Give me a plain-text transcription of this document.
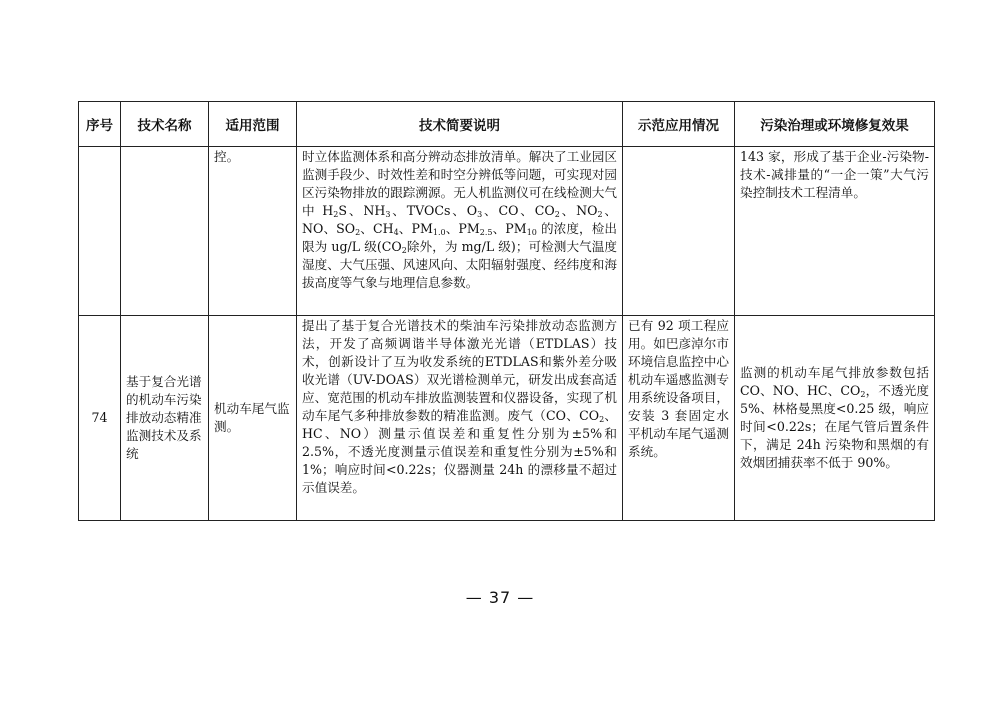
序号	技术名称	适用范围	技术简要说明	示范应用情况	污染治理或环境修复效果
		控。	时立体监测体系和高分辨动态排放清单。解决了工业园区监测手段少、时效性差和时空分辨低等问题，可实现对园区污染物排放的跟踪溯源。无人机监测仪可在线检测大气中 $H_2S$、$NH_3$、TVOCs、$O_3$、CO、$CO_2$、$NO_2$、NO、$SO_2$、$CH_4$、$PM_{1.0}$、$PM_{2.5}$、$PM_{10}$ 的浓度，检出限为 ug/L 级($CO_2$除外，为 mg/L 级)；可检测大气温度湿度、大气压强、风速风向、太阳辐射强度、经纬度和海拔高度等气象与地理信息参数。		143 家，形成了基于企业-污染物-技术-减排量的“一企一策”大气污染控制技术工程清单。
74	基于复合光谱的机动车污染排放动态精准监测技术及系统	机动车尾气监测。	提出了基于复合光谱技术的柴油车污染排放动态监测方法，开发了高频调谐半导体激光光谱（ETDLAS）技术，创新设计了互为收发系统的ETDLAS和紫外差分吸收光谱（UV-DOAS）双光谱检测单元，研发出成套高适应、宽范围的机动车排放监测装置和仪器设备，实现了机动车尾气多种排放参数的精准监测。废气（CO、$CO_2$、HC、NO）测量示值误差和重复性分别为±5%和2.5%，不透光度测量示值误差和重复性分别为±5%和 1%；响应时间<0.22s；仪器测量 24h 的漂移量不超过示值误差。	已有 92 项工程应用。如巴彦淖尔市环境信息监控中心机动车遥感监测专用系统设备项目，安装 3 套固定水平机动车尾气遥测系统。	监测的机动车尾气排放参数包括 CO、NO、HC、$CO_2$，不透光度 5%、林格曼黑度<0.25 级，响应时间<0.22s；在尾气管后置条件下，满足 24h 污染物和黑烟的有效烟团捕获率不低于 90%。
— 37 —
